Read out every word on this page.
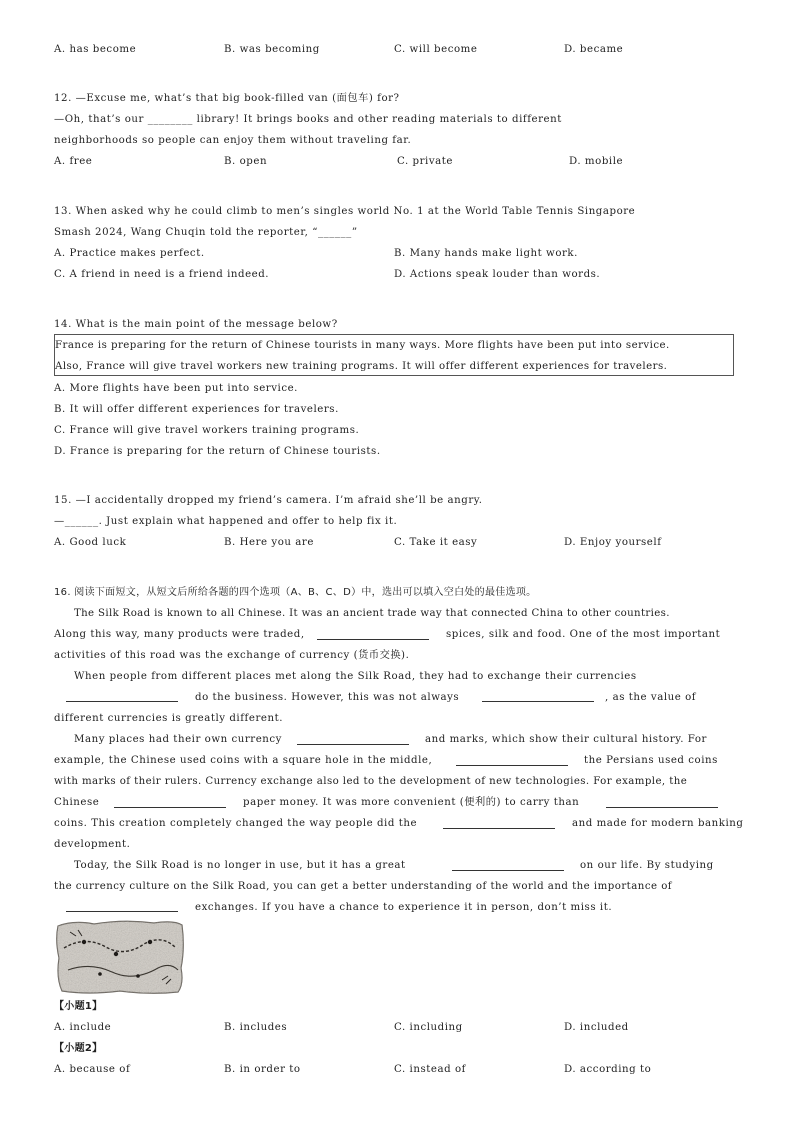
A. has become	B. was becoming	C. will become	D. became
12. —Excuse me, what’s that big book-filled van (面包车) for?
—Oh, that’s our ________ library! It brings books and other reading materials to different
neighborhoods so people can enjoy them without traveling far.
A. free	B. open	C. private	D. mobile
13. When asked why he could climb to men’s singles world No. 1 at the World Table Tennis Singapore
Smash 2024, Wang Chuqin told the reporter, “______”
A. Practice makes perfect.	B. Many hands make light work.
C. A friend in need is a friend indeed.	D. Actions speak louder than words.
14. What is the main point of the message below?
France is preparing for the return of Chinese tourists in many ways. More flights have been put into service.
Also, France will give travel workers new training programs. It will offer different experiences for travelers.
A. More flights have been put into service.
B. It will offer different experiences for travelers.
C. France will give travel workers training programs.
D. France is preparing for the return of Chinese tourists.
15. —I accidentally dropped my friend’s camera. I’m afraid she’ll be angry.
—______. Just explain what happened and offer to help fix it.
A. Good luck	B. Here you are	C. Take it easy	D. Enjoy yourself
16. 阅读下面短文，从短文后所给各题的四个选项（A、B、C、D）中，选出可以填入空白处的最佳选项。
The Silk Road is known to all Chinese. It was an ancient trade way that connected China to other countries.
Along this way, many products were traded,	spices, silk and food. One of the most important
activities of this road was the exchange of currency (货币交换).
When people from different places met along the Silk Road, they had to exchange their currencies
do the business. However, this was not always	, as the value of
different currencies is greatly different.
Many places had their own currency	and marks, which show their cultural history. For
example, the Chinese used coins with a square hole in the middle,	the Persians used coins
with marks of their rulers. Currency exchange also led to the development of new technologies. For example, the
Chinese	paper money. It was more convenient (便利的) to carry than
coins. This creation completely changed the way people did the	and made for modern banking
development.
Today, the Silk Road is no longer in use, but it has a great	on our life. By studying
the currency culture on the Silk Road, you can get a better understanding of the world and the importance of
exchanges. If you have a chance to experience it in person, don’t miss it.
【小题1】
A. include	B. includes	C. including	D. included
【小题2】
A. because of	B. in order to	C. instead of	D. according to
